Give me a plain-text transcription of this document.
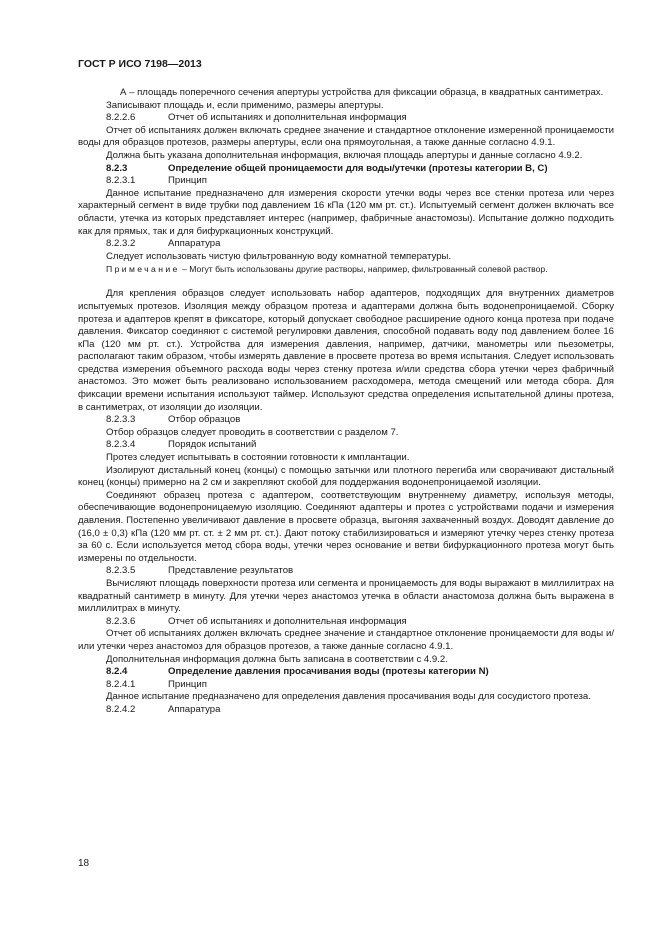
ГОСТ Р ИСО 7198—2013

А – площадь поперечного сечения апертуры устройства для фиксации образца, в квадратных сантиметрах.

Записывают площадь и, если применимо, размеры апертуры.

8.2.2.6	Отчет об испытаниях и дополнительная информация

Отчет об испытаниях должен включать среднее значение и стандартное отклонение измеренной проницаемости воды для образцов протезов, размеры апертуры, если она прямоугольная, а также данные согласно 4.9.1.

Должна быть указана дополнительная информация, включая площадь апертуры и данные согласно 4.9.2.

8.2.3	Определение общей проницаемости для воды/утечки (протезы категории В, С)
8.2.3.1	Принцип

Данное испытание предназначено для измерения скорости утечки воды через все стенки протеза или через характерный сегмент в виде трубки под давлением 16 кПа (120 мм рт. ст.). Испытуемый сегмент должен включать все области, утечка из которых представляет интерес (например, фабричные анастомозы). Испытание должно подходить как для прямых, так и для бифуркационных конструкций.

8.2.3.2	Аппаратура

Следует использовать чистую фильтрованную воду комнатной температуры.

Примечание – Могут быть использованы другие растворы, например, фильтрованный солевой раствор.

Для крепления образцов следует использовать набор адаптеров, подходящих для внутренних диаметров испытуемых протезов. Изоляция между образцом протеза и адаптерами должна быть водонепроницаемой. Сборку протеза и адаптеров крепят в фиксаторе, который допускает свободное расширение одного конца протеза при подаче давления. Фиксатор соединяют с системой регулировки давления, способной подавать воду под давлением более 16 кПа (120 мм рт. ст.). Устройства для измерения давления, например, датчики, манометры или пьезометры, располагают таким образом, чтобы измерять давление в просвете протеза во время испытания. Следует использовать средства измерения объемного расхода воды через стенку протеза и/или средства сбора утечки через фабричный анастомоз. Это может быть реализовано использованием расходомера, метода смещений или метода сбора. Для фиксации времени испытания используют таймер. Используют средства определения испытательной длины протеза, в сантиметрах, от изоляции до изоляции.

8.2.3.3	Отбор образцов

Отбор образцов следует проводить в соответствии с разделом 7.

8.2.3.4	Порядок испытаний

Протез следует испытывать в состоянии готовности к имплантации.

Изолируют дистальный конец (концы) с помощью затычки или плотного перегиба или сворачивают дистальный конец (концы) примерно на 2 см и закрепляют скобой для поддержания водонепроницаемой изоляции.

Соединяют образец протеза с адаптером, соответствующим внутреннему диаметру, используя методы, обеспечивающие водонепроницаемую изоляцию. Соединяют адаптеры и протез с устройствами подачи и измерения давления. Постепенно увеличивают давление в просвете образца, выгоняя захваченный воздух. Доводят давление до (16,0 ± 0,3) кПа (120 мм рт. ст. ± 2 мм рт. ст.). Дают потоку стабилизироваться и измеряют утечку через стенку протеза за 60 с. Если используется метод сбора воды, утечки через основание и ветви бифуркационного протеза могут быть измерены по отдельности.

8.2.3.5	Представление результатов

Вычисляют площадь поверхности протеза или сегмента и проницаемость для воды выражают в миллилитрах на квадратный сантиметр в минуту. Для утечки через анастомоз утечка в области анастомоза должна быть выражена в миллилитрах в минуту.

8.2.3.6	Отчет об испытаниях и дополнительная информация

Отчет об испытаниях должен включать среднее значение и стандартное отклонение проницаемости для воды и/или утечки через анастомоз для образцов протезов, а также данные согласно 4.9.1.

Дополнительная информация должна быть записана в соответствии с 4.9.2.

8.2.4	Определение давления просачивания воды (протезы категории N)
8.2.4.1	Принцип

Данное испытание предназначено для определения давления просачивания воды для сосудистого протеза.

8.2.4.2	Аппаратура
18
